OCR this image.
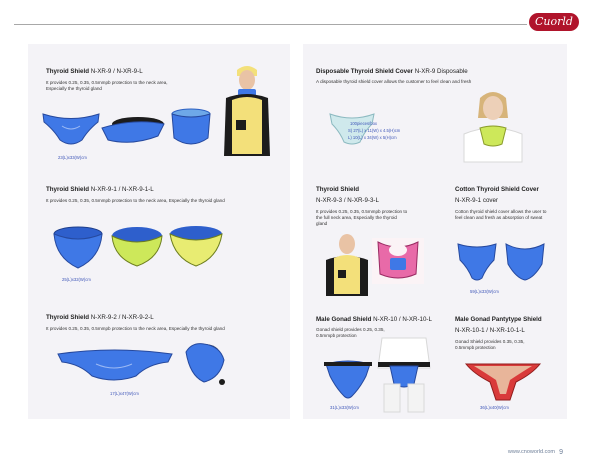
Cuorld
Thyroid Shield N-XR-9 / N-XR-9-L
It provides 0.25, 0.35, 0.5mmpb protection to the neck area, Especially the thyroid gland
23(L)x33(W)cm
Thyroid Shield N-XR-9-1 / N-XR-9-1-L
It provides 0.25, 0.35, 0.5mmpb protection to the neck area, Especially the thyroid gland
25(L)x32(W)cm
Thyroid Shield N-XR-9-2 / N-XR-9-2-L
It provides 0.25, 0.35, 0.5mmpb protection to the neck area, Especially the thyroid gland
17(L)x47(W)cm
Disposable Thyroid Shield Cover N-XR-9 Disposable
A disposable thyroid shield cover allows the customer to feel clean and fresh
100pieces/box
S) 27(L) x 11(W) x 4.5(H)cm
L) 10(L) x 34(W) x 5(H)cm
Thyroid Shield
N-XR-9-3 / N-XR-9-3-L
It provides 0.25, 0.35, 0.5mmpb protection to the full neck area, Especially the thyroid gland
Cotton Thyroid Shield Cover
N-XR-9-1 cover
Cotton thyroid shield cover allows the user to feel clean and fresh as absorption of sweat
59(L)x33(W)cm
Male Gonad Shield N-XR-10 / N-XR-10-L
Gonad shield provides 0.25, 0.35, 0.5mmpb protection
31(L)x33(W)cm
Male Gonad Pantytype Shield
N-XR-10-1 / N-XR-10-1-L
Gonad Shield provides 0.35, 0.35, 0.5mmpb protection
36(L)x40(W)cm
www.cnoworld.com 9
